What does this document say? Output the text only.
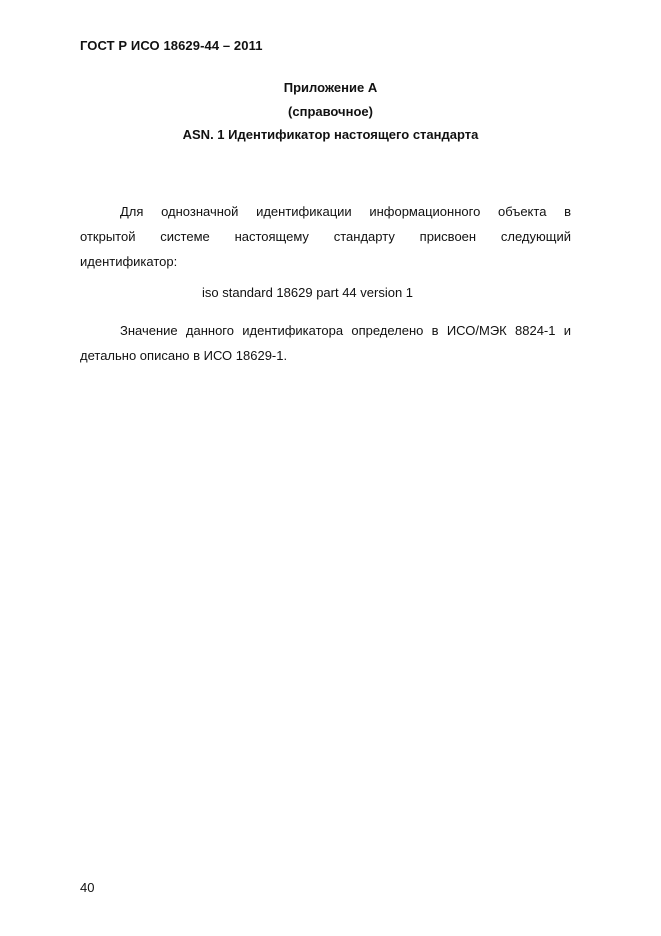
ГОСТ Р ИСО 18629-44 – 2011
Приложение А
(справочное)
ASN. 1 Идентификатор настоящего стандарта
Для однозначной идентификации информационного объекта в
открытой системе настоящему стандарту присвоен следующий
идентификатор:
iso standard 18629 part 44 version 1
Значение данного идентификатора определено в ИСО/МЭК 8824-1 и
детально описано в ИСО 18629-1.
40
